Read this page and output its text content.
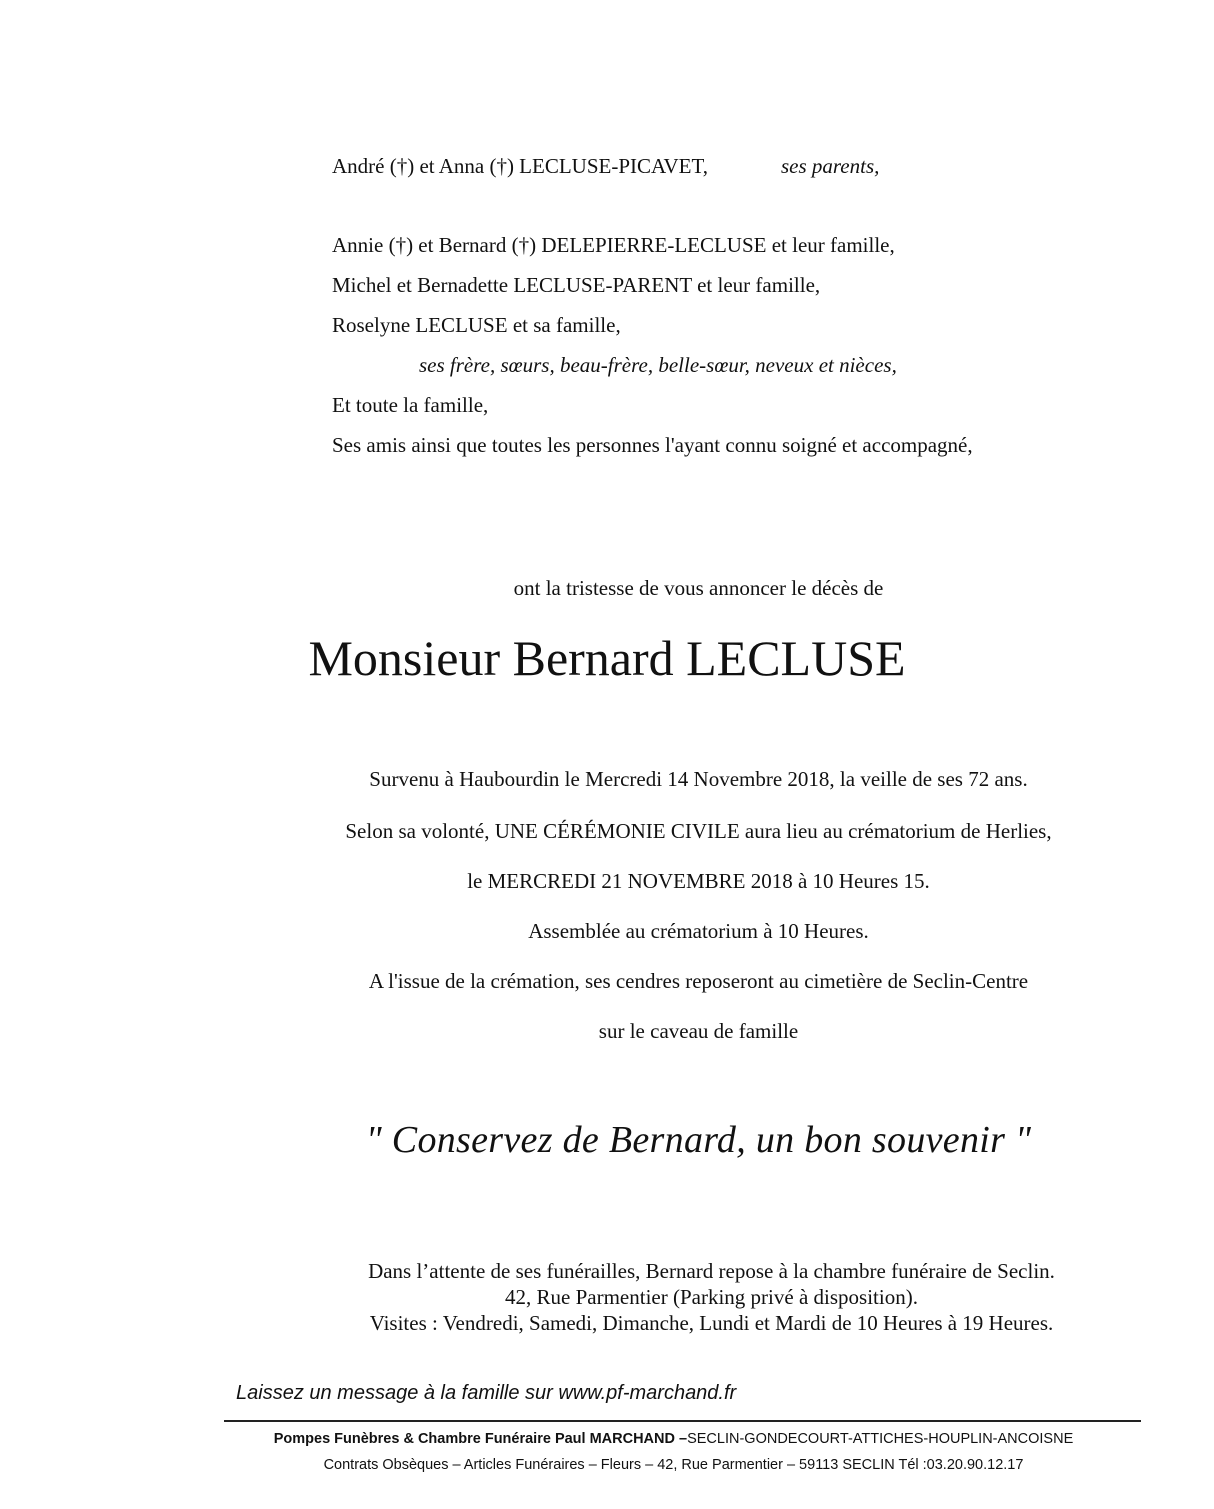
André (†) et Anna (†) LECLUSE-PICAVET,	ses parents,
Annie (†) et Bernard (†) DELEPIERRE-LECLUSE et leur famille,
Michel et Bernadette LECLUSE-PARENT et leur famille,
Roselyne LECLUSE et sa famille,
ses frère, sœurs, beau-frère, belle-sœur, neveux et nièces,
Et toute la famille,
Ses amis ainsi que toutes les personnes l'ayant connu soigné et accompagné,
ont la tristesse de vous annoncer le décès de
Monsieur Bernard LECLUSE
Survenu à Haubourdin le Mercredi 14 Novembre 2018, la veille de ses 72 ans.
Selon sa volonté, UNE CÉRÉMONIE CIVILE aura lieu au crématorium de Herlies,
le MERCREDI 21 NOVEMBRE 2018 à 10 Heures 15.
Assemblée au crématorium à 10 Heures.
A l'issue de la crémation, ses cendres reposeront au cimetière de Seclin-Centre
sur le caveau de famille
" Conservez de Bernard, un bon souvenir "
Dans l’attente de ses funérailles, Bernard repose à la chambre funéraire de Seclin.
42, Rue Parmentier (Parking privé à disposition).
Visites : Vendredi, Samedi, Dimanche, Lundi et Mardi de 10 Heures à 19 Heures.
Laissez un message à la famille sur www.pf-marchand.fr
Pompes Funèbres & Chambre Funéraire Paul MARCHAND –SECLIN-GONDECOURT-ATTICHES-HOUPLIN-ANCOISNE
Contrats Obsèques – Articles Funéraires – Fleurs – 42, Rue Parmentier – 59113 SECLIN Tél :03.20.90.12.17
